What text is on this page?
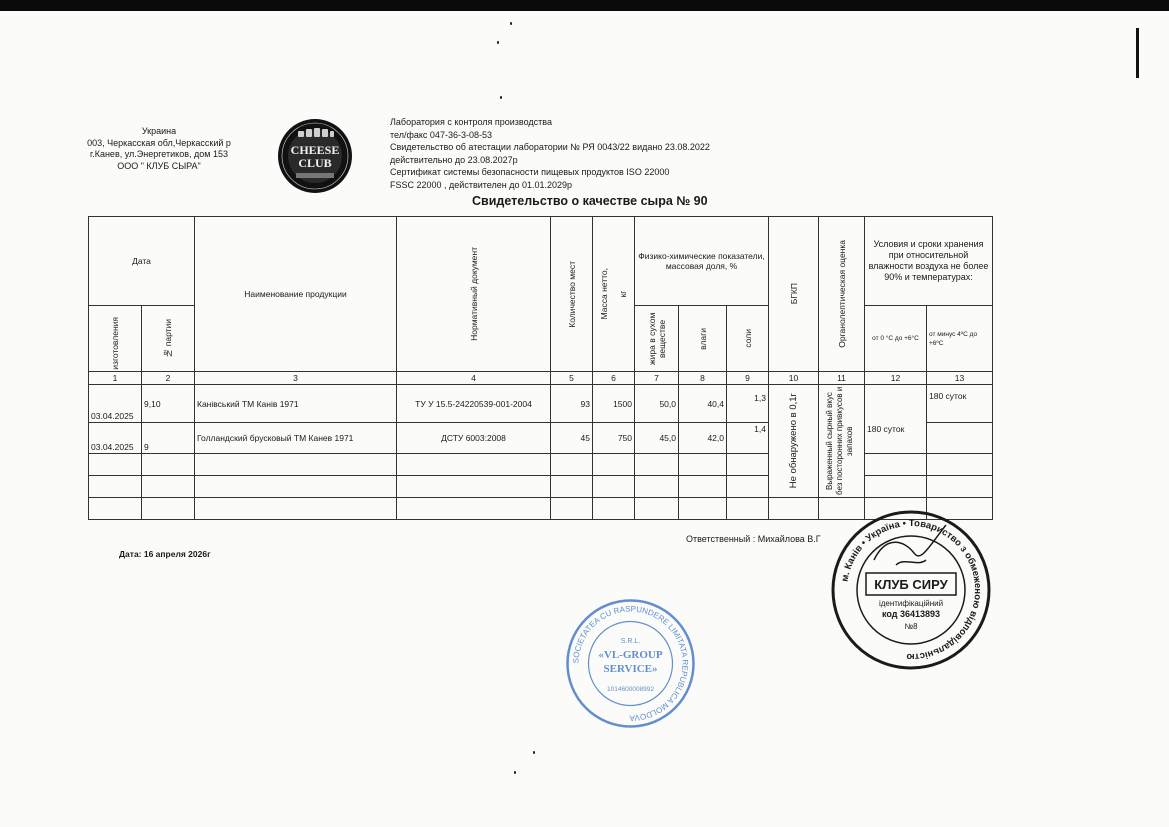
Украина
003, Черкасская обл,Черкасский р
г.Канев, ул.Энергетиков, дом 153
ООО " КЛУБ СЫРА"
CHEESE
CLUB
Лаборатория с контроля производства
тел/факс 047-36-3-08-53
Свидетельство об атестации лаборатории № РЯ 0043/22 видано 23.08.2022
действительно до 23.08.2027р
Сертификат системы безопасности пищевых продуктов ISO 22000
FSSC 22000 , действителен до 01.01.2029р
Свидетельство о качестве сыра № 90
Дата		Наименование продукции	Нормативный документ	Количество мест	Масса нетто, кг	Физико-химические показатели, массовая доля, %			БГКП	Органолептическая оценка	Условия и сроки хранения при относительной влажности воздуха не более 90% и температурах:	

изготовления	№ партии					жира в сухом веществе	влаги	соли			от 0 °С до +6°С	от минус 4ºС до +6ºС
1	2	3	4	5	6	7	8	9	10	11	12	13
03.04.2025	9,10	Канівський ТМ Канів 1971	ТУ У 15.5-24220539-001-2004	93	1500	50,0	40,4	1,3	Не обнаружено в 0,1г	Выраженный сырный вкус без посторонних привкусов и запахов		180 суток
03.04.2025	9	Голландский брусковый ТМ Канев 1971	ДСТУ 6003:2008	45	750	45,0	42,0	1,4			180 суток	

Ответственный : Михайлова В.Г
Дата: 16 апреля 2026г
м. Канів • Україна • Товариство з обмеженою відповідальністю
КЛУБ СИРУ
ідентифікаційний
код 36413893
№8
SOCIETATEA CU RASPUNDERE LIMITATA REPUBLICA MOLDOVA
S.R.L.
«VL-GROUP
SERVICE»
1014600008992
